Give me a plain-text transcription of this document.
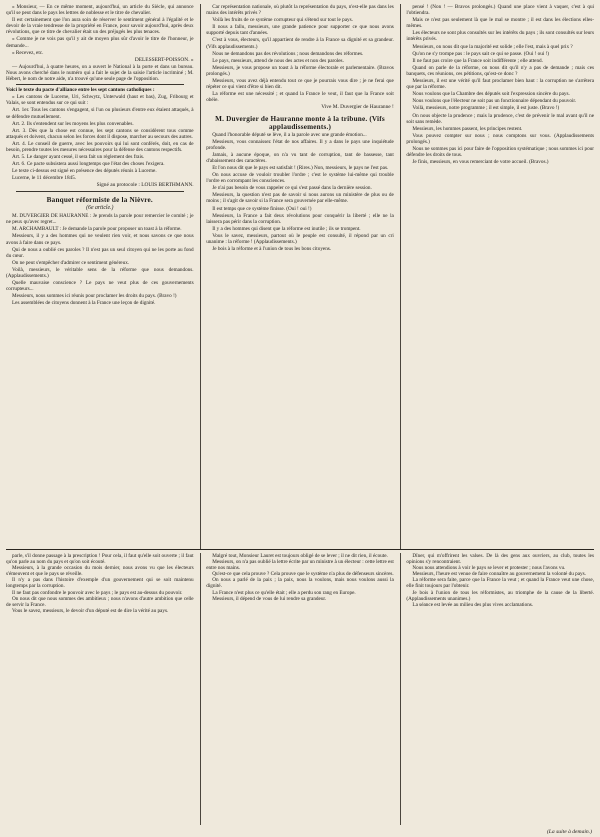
« Monsieur, — En ce même moment, aujourd'hui, un article du Siècle, qui annonce qu'il se peut dans le pays les lettres de noblesse et le titre de chevalier.

Il est certainement que l'on aura soin de réserver le sentiment général à l'égalité et le devoir de la vraie tendresse de la propriété en France, pour savoir aujourd'hui, après deux révolutions, que ce titre de chevalier était un des préjugés les plus tenaces.

« Comme je ne vois pas qu'il y ait de moyen plus sûr d'avoir le titre de l'honneur, je demande...

« Recevez, etc.

DELESSERT-POISSON. »

— Aujourd'hui, à quatre heures, on a ouvert le National à la porte et dans un bureau. Nous avons cherché dans le numéro qui a fait le sujet de la saisie l'article incriminé ; M. Hébert, le nom de notre aide, n'a trouvé qu'une seule page de l'opposition.

Voici le texte du pacte d'alliance entre les sept cantons catholiques :

« Les cantons de Lucerne, Uri, Schwytz, Unterwald (haut et bas), Zug, Fribourg et Valais, se sont entendus sur ce qui suit :

Art. 1er. Tous les cantons s'engagent, si l'un ou plusieurs d'entre eux étaient attaqués, à se défendre mutuellement.

Art. 2. Ils s'entendent sur les moyens les plus convenables.

Art. 3. Dès que la chose est connue, les sept cantons se considèrent tous comme attaqués et doivent, chacun selon les forces dont il dispose, marcher au secours des autres.

Art. 4. Le conseil de guerre, avec les pouvoirs qui lui sont conférés, doit, en cas de besoin, prendre toutes les mesures nécessaires pour la défense des cantons respectifs.

Art. 5. Le danger ayant cessé, il sera fait un règlement des frais.

Art. 6. Ce pacte subsistera aussi longtemps que l'état des choses l'exigera.

Le texte ci-dessus est signé en présence des députés réunis à Lucerne.

Lucerne, le 11 décembre 1845.

Signé au protocole : LOUIS BERTHMANN.

Banquet réformiste de la Nièvre.
(6e article.)

M. DUVERGIER DE HAURANNE : Je prends la parole pour remercier le comité ; je ne peux qu'avec regret...

M. ARCHAMBAULT : Je demande la parole pour proposer un toast à la réforme.

Messieurs, il y a des hommes qui ne veulent rien voir, et nous savons ce que nous avons à faire dans ce pays.

Qui de nous a oublié ces paroles ? Il n'est pas un seul citoyen qui ne les porte au fond du cœur.

On ne peut s'empêcher d'admirer ce sentiment généreux.

Voilà, messieurs, le véritable sens de la réforme que nous demandons. (Applaudissements.)

Quelle mauvaise conscience ? Le pays ne veut plus de ces gouvernements corrupteurs...

Messieurs, nous sommes ici réunis pour proclamer les droits du pays. (Bravo !)

Les assemblées de citoyens donnent à la France une leçon de dignité.

Car représentation nationale, où plutôt la représentation du pays, n'est-elle pas dans les mains des intérêts privés ?

Voilà les fruits de ce système corrupteur qui s'étend sur tout le pays.

Il nous a fallu, messieurs, une grande patience pour supporter ce que nous avons supporté depuis tant d'années.

C'est à vous, électeurs, qu'il appartient de rendre à la France sa dignité et sa grandeur. (Vifs applaudissements.)

Nous ne demandons pas des révolutions ; nous demandons des réformes.

Le pays, messieurs, attend de nous des actes et non des paroles.

Messieurs, je vous propose un toast à la réforme électorale et parlementaire. (Bravos prolongés.)

Messieurs, vous avez déjà entendu tout ce que je pourrais vous dire ; je ne ferai que répéter ce qui vient d'être si bien dit.

La réforme est une nécessité ; et quand la France le veut, il faut que la France soit obéie.

Vive M. Duvergier de Hauranne !

M. Duvergier de Hauranne monte à la tribune. (Vifs applaudissements.)

Quand l'honorable député se lève, il a la parole avec une grande émotion...

Messieurs, vous connaissez l'état de nos affaires. Il y a dans le pays une inquiétude profonde.

Jamais, à aucune époque, on n'a vu tant de corruption, tant de bassesse, tant d'abaissement des caractères.

Et l'on nous dit que le pays est satisfait ! (Rires.) Non, messieurs, le pays ne l'est pas.

On nous accuse de vouloir troubler l'ordre ; c'est le système lui-même qui trouble l'ordre en corrompant les consciences.

Je n'ai pas besoin de vous rappeler ce qui s'est passé dans la dernière session.

Messieurs, la question n'est pas de savoir si nous aurons un ministère de plus ou de moins ; il s'agit de savoir si la France sera gouvernée par elle-même.

Il est temps que ce système finisse. (Oui ! oui !)

Messieurs, la France a fait deux révolutions pour conquérir la liberté ; elle ne la laissera pas périr dans la corruption.

Il y a des hommes qui disent que la réforme est inutile ; ils se trompent.

Vous le savez, messieurs, partout où le peuple est consulté, il répond par un cri unanime : la réforme ! (Applaudissements.)

Je bois à la réforme et à l'union de tous les bons citoyens.

pensé ! (Non ! — Bravos prolongés.) Quand une place vient à vaquer, c'est à qui l'obtiendra.

Mais ce n'est pas seulement là que le mal se montre ; il est dans les élections elles-mêmes.

Les électeurs ne sont plus consultés sur les intérêts du pays ; ils sont consultés sur leurs intérêts privés.

Messieurs, on nous dit que la majorité est solide ; elle l'est, mais à quel prix ?

Qu'on ne s'y trompe pas : le pays sait ce qui se passe. (Oui ! oui !)

Il ne faut pas croire que la France soit indifférente ; elle attend.

Quand on parle de la réforme, on nous dit qu'il n'y a pas de demande ; mais ces banquets, ces réunions, ces pétitions, qu'est-ce donc ?

Messieurs, il est une vérité qu'il faut proclamer bien haut : la corruption ne s'arrêtera que par la réforme.

Nous voulons que la Chambre des députés soit l'expression sincère du pays.

Nous voulons que l'électeur ne soit pas un fonctionnaire dépendant du pouvoir.

Voilà, messieurs, notre programme ; il est simple, il est juste. (Bravo !)

On nous objecte la prudence ; mais la prudence, c'est de prévenir le mal avant qu'il ne soit sans remède.

Messieurs, les hommes passent, les principes restent.

Vous pouvez compter sur nous ; nous comptons sur vous. (Applaudissements prolongés.)

Nous ne sommes pas ici pour faire de l'opposition systématique ; nous sommes ici pour défendre les droits de tous.

Je finis, messieurs, en vous remerciant de votre accueil. (Bravos.)

parle, s'il donne passage à la prescription ! Pour cela, il faut qu'elle soit ouverte ; il faut qu'on parle au nom du pays et qu'on soit écouté.

Messieurs, à la grande occasion du mois dernier, nous avons vu que les électeurs s'émeuvent et que le pays se réveille.

Il n'y a pas dans l'histoire d'exemple d'un gouvernement qui se soit maintenu longtemps par la corruption.

Il ne faut pas confondre le pouvoir avec le pays ; le pays est au-dessus du pouvoir.

On nous dit que nous sommes des ambitieux ; nous n'avons d'autre ambition que celle de servir la France.

Vous le savez, messieurs, le devoir d'un député est de dire la vérité au pays.

Malgré tout, Monsieur Lauret est toujours obligé de se lever ; il ne dit rien, il écoute.

Messieurs, on n'a pas oublié la lettre écrite par un ministre à un électeur : cette lettre est entre nos mains.

Qu'est-ce que cela prouve ? Cela prouve que le système n'a plus de défenseurs sincères.

On nous a parlé de la paix ; la paix, nous la voulons, mais nous voulons aussi la dignité.

La France n'est plus ce qu'elle était ; elle a perdu son rang en Europe.

Messieurs, il dépend de vous de lui rendre sa grandeur.

Dîner, qui m'offrirent les valses. De là des gens aux ouvriers, au club, toutes les opinions s'y rencontraient.

Nous nous attendions à voir le pays se lever et protester ; nous l'avons vu.

Messieurs, l'heure est venue de faire connaître au gouvernement la volonté du pays.

La réforme sera faite, parce que la France la veut ; et quand la France veut une chose, elle finit toujours par l'obtenir.

Je bois à l'union de tous les réformistes, au triomphe de la cause de la liberté. (Applaudissements unanimes.)

La séance est levée au milieu des plus vives acclamations.

(La suite à demain.)
